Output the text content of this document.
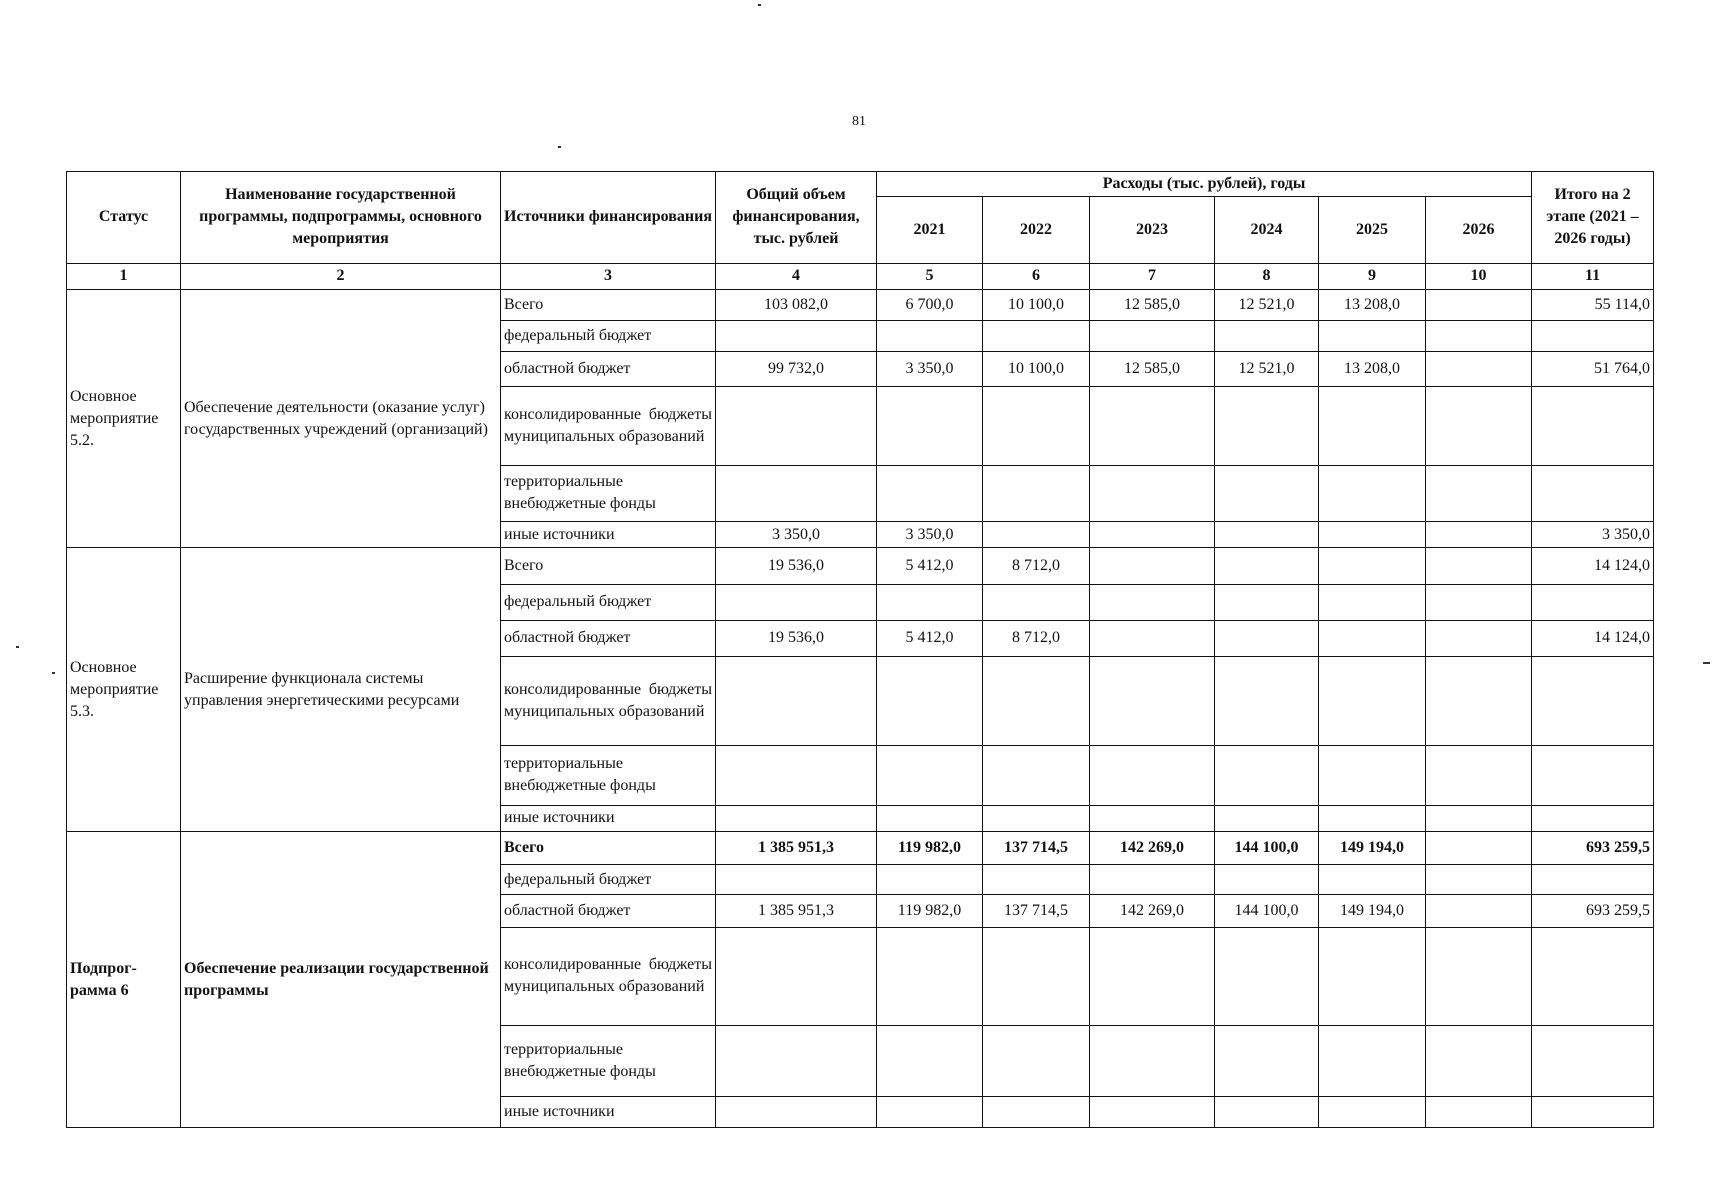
81
Статус	Наименование государственной программы, подпрограммы, основного мероприятия	Источники финансирования	Общий объем финансирования, тыс. рублей	Расходы (тыс. рублей), годы						Итого на 2 этапе (2021 – 2026 годы)
				2021	2022	2023	2024	2025	2026	
1	2	3	4	5	6	7	8	9	10	11
Основное мероприятие 5.2.	Обеспечение деятельности (оказание услуг) государственных учреждений (организаций)	Всего	103 082,0	6 700,0	10 100,0	12 585,0	12 521,0	13 208,0		55 114,0
		федеральный бюджет								
		областной бюджет	99 732,0	3 350,0	10 100,0	12 585,0	12 521,0	13 208,0		51 764,0
		консолидированные бюджеты муниципальных образований								
		территориальные внебюджетные фонды								
		иные источники	3 350,0	3 350,0						3 350,0
Основное мероприятие 5.3.	Расширение функционала системы управления энергетическими ресурсами	Всего	19 536,0	5 412,0	8 712,0					14 124,0
		федеральный бюджет								
		областной бюджет	19 536,0	5 412,0	8 712,0					14 124,0
		консолидированные бюджеты муниципальных образований								
		территориальные внебюджетные фонды								
		иные источники								
Подпрог- рамма 6	Обеспечение реализации государственной программы	Всего	1 385 951,3	119 982,0	137 714,5	142 269,0	144 100,0	149 194,0		693 259,5
		федеральный бюджет								
		областной бюджет	1 385 951,3	119 982,0	137 714,5	142 269,0	144 100,0	149 194,0		693 259,5
		консолидированные бюджеты муниципальных образований								
		территориальные внебюджетные фонды								
		иные источники								
